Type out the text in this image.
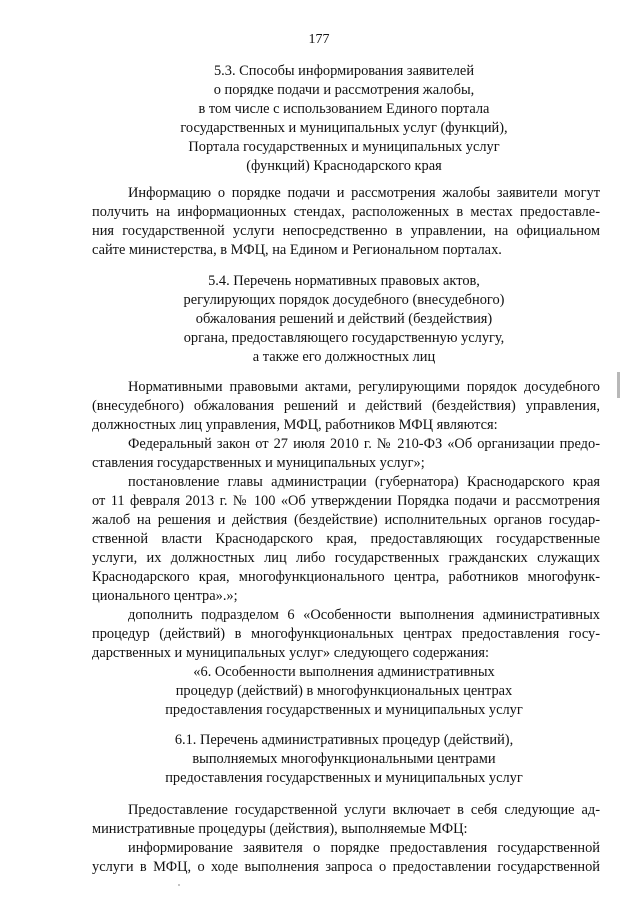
177
5.3. Способы информирования заявителей
о порядке подачи и рассмотрения жалобы,
в том числе с использованием Единого портала
государственных и муниципальных услуг (функций),
Портала государственных и муниципальных услуг
(функций) Краснодарского края
Информацию о порядке подачи и рассмотрения жалобы заявители могут
получить на информационных стендах, расположенных в местах предоставле-
ния государственной услуги непосредственно в управлении, на официальном
сайте министерства, в МФЦ, на Едином и Региональном порталах.
5.4. Перечень нормативных правовых актов,
регулирующих порядок досудебного (внесудебного)
обжалования решений и действий (бездействия)
органа, предоставляющего государственную услугу,
а также его должностных лиц
Нормативными правовыми актами, регулирующими порядок досудебного
(внесудебного) обжалования решений и действий (бездействия) управления,
должностных лиц управления, МФЦ, работников МФЦ являются:
Федеральный закон от 27 июля 2010 г. № 210-ФЗ «Об организации предо-
ставления государственных и муниципальных услуг»;
постановление главы администрации (губернатора) Краснодарского края
от 11 февраля 2013 г. № 100 «Об утверждении Порядка подачи и рассмотрения
жалоб на решения и действия (бездействие) исполнительных органов государ-
ственной власти Краснодарского края, предоставляющих государственные
услуги, их должностных лиц либо государственных гражданских служащих
Краснодарского края, многофункционального центра, работников многофунк-
ционального центра».»;
дополнить подразделом 6 «Особенности выполнения административных
процедур (действий) в многофункциональных центрах предоставления госу-
дарственных и муниципальных услуг» следующего содержания:
«6. Особенности выполнения административных
процедур (действий) в многофункциональных центрах
предоставления государственных и муниципальных услуг
6.1. Перечень административных процедур (действий),
выполняемых многофункциональными центрами
предоставления государственных и муниципальных услуг
Предоставление государственной услуги включает в себя следующие ад-
министративные процедуры (действия), выполняемые МФЦ:
информирование заявителя о порядке предоставления государственной
услуги в МФЦ, о ходе выполнения запроса о предоставлении государственной
